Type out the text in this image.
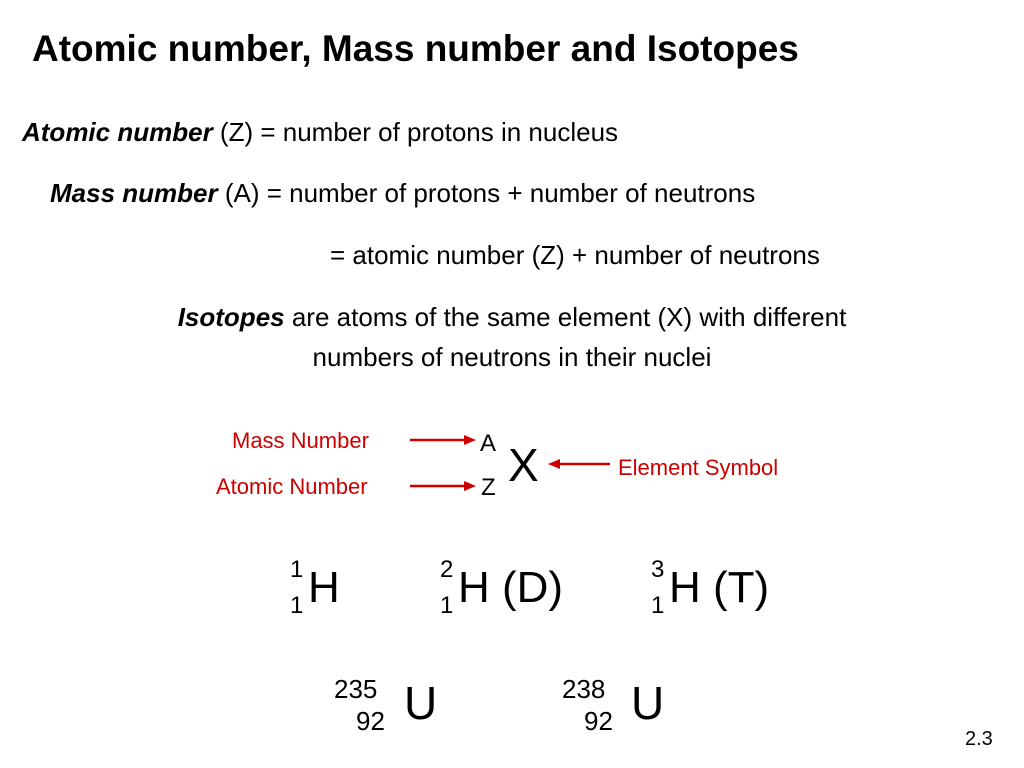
Atomic number, Mass number and Isotopes
Atomic number (Z) = number of protons in nucleus
Mass number (A) = number of protons + number of neutrons
= atomic number (Z) + number of neutrons
Isotopes are atoms of the same element (X) with different
numbers of neutrons in their nuclei
Mass Number
Atomic Number
Element Symbol
A
Z X
1
1 H	2
1 H (D)	3
1 H (T)
235
92 U	238
92 U
2.3
